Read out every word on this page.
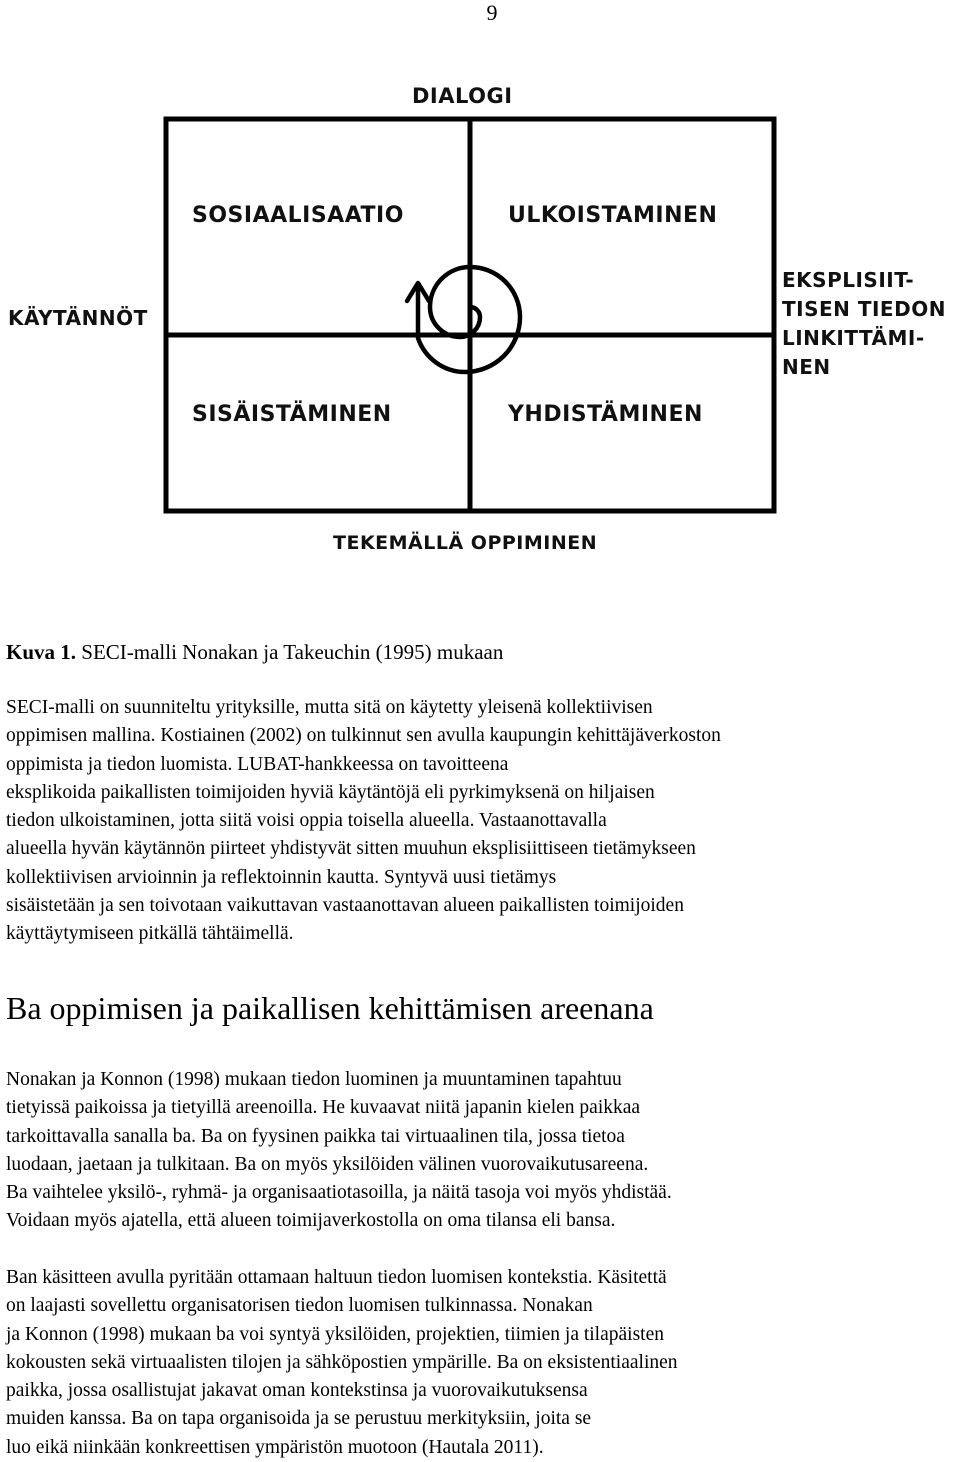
9
DIALOGI
SOSIAALISAATIO	ULKOISTAMINEN
KÄYTÄNNÖT
SISÄISTÄMINEN	YHDISTÄMINEN
TEKEMÄLLÄ OPPIMINEN
EKSPLISIIT-
TISEN TIEDON
LINKITTÄMI-
NEN
Kuva 1. SECI-malli Nonakan ja Takeuchin (1995) mukaan
SECI-malli on suunniteltu yrityksille, mutta sitä on käytetty yleisenä kollektiivisen
oppimisen mallina. Kostiainen (2002) on tulkinnut sen avulla kaupungin kehittäjäverkoston
oppimista ja tiedon luomista. LUBAT-hankkeessa on tavoitteena
eksplikoida paikallisten toimijoiden hyviä käytäntöjä eli pyrkimyksenä on hiljaisen
tiedon ulkoistaminen, jotta siitä voisi oppia toisella alueella. Vastaanottavalla
alueella hyvän käytännön piirteet yhdistyvät sitten muuhun eksplisiittiseen tietämykseen
kollektiivisen arvioinnin ja reflektoinnin kautta. Syntyvä uusi tietämys
sisäistetään ja sen toivotaan vaikuttavan vastaanottavan alueen paikallisten toimijoiden
käyttäytymiseen pitkällä tähtäimellä.
Ba oppimisen ja paikallisen kehittämisen areenana
Nonakan ja Konnon (1998) mukaan tiedon luominen ja muuntaminen tapahtuu
tietyissä paikoissa ja tietyillä areenoilla. He kuvaavat niitä japanin kielen paikkaa
tarkoittavalla sanalla ba. Ba on fyysinen paikka tai virtuaalinen tila, jossa tietoa
luodaan, jaetaan ja tulkitaan. Ba on myös yksilöiden välinen vuorovaikutusareena.
Ba vaihtelee yksilö-, ryhmä- ja organisaatiotasoilla, ja näitä tasoja voi myös yhdistää.
Voidaan myös ajatella, että alueen toimijaverkostolla on oma tilansa eli bansa.
Ban käsitteen avulla pyritään ottamaan haltuun tiedon luomisen kontekstia. Käsitettä
on laajasti sovellettu organisatorisen tiedon luomisen tulkinnassa. Nonakan
ja Konnon (1998) mukaan ba voi syntyä yksilöiden, projektien, tiimien ja tilapäisten
kokousten sekä virtuaalisten tilojen ja sähköpostien ympärille. Ba on eksistentiaalinen
paikka, jossa osallistujat jakavat oman kontekstinsa ja vuorovaikutuksensa
muiden kanssa. Ba on tapa organisoida ja se perustuu merkityksiin, joita se
luo eikä niinkään konkreettisen ympäristön muotoon (Hautala 2011).
